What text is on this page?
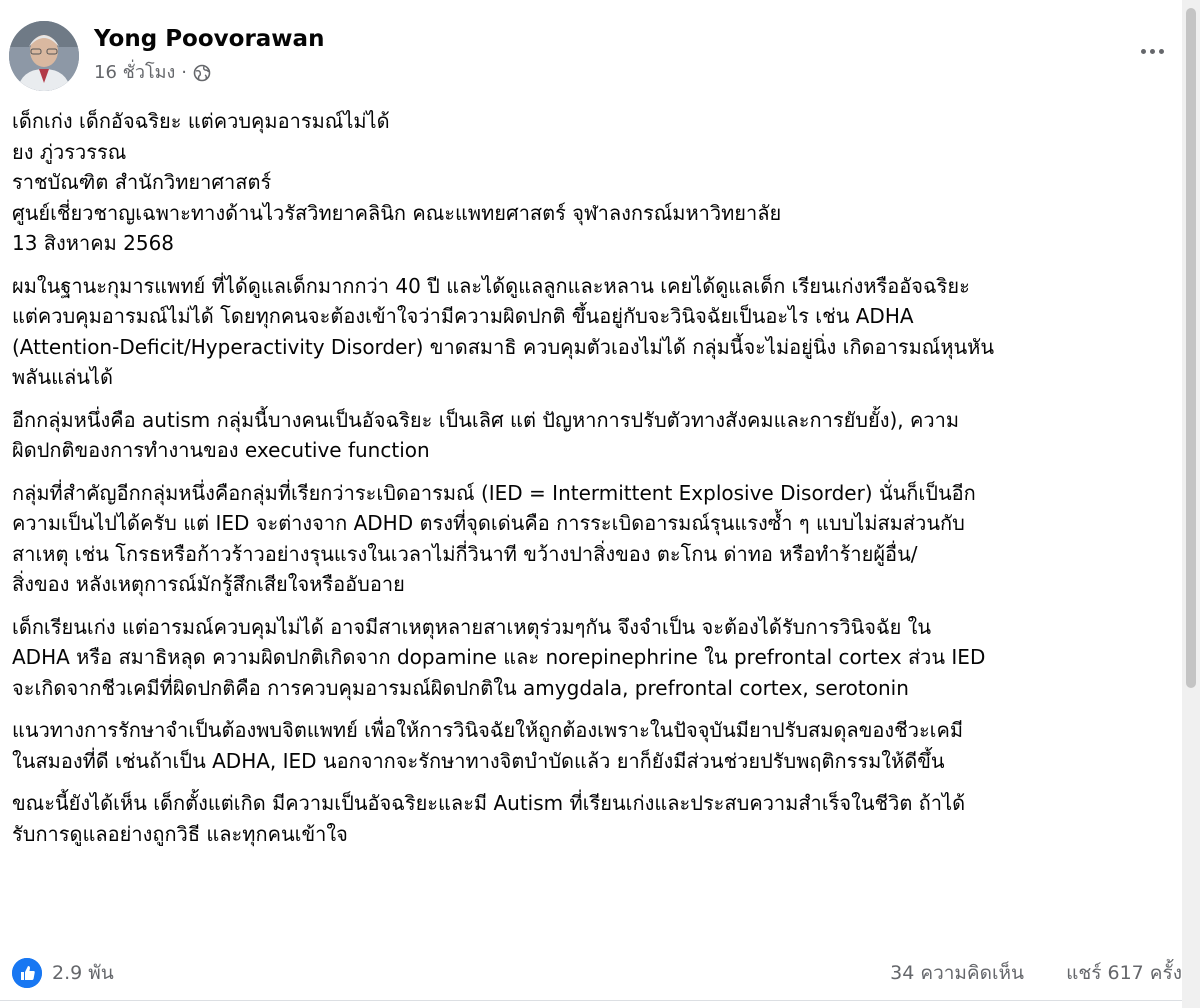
Yong Poovorawan
16 ชั่วโมง ·
เด็กเก่ง เด็กอัจฉริยะ แต่ควบคุมอารมณ์ไม่ได้
ยง ภู่วรวรรณ
ราชบัณฑิต สำนักวิทยาศาสตร์
ศูนย์เชี่ยวชาญเฉพาะทางด้านไวรัสวิทยาคลินิก คณะแพทยศาสตร์ จุฬาลงกรณ์มหาวิทยาลัย
13 สิงหาคม 2568
ผมในฐานะกุมารแพทย์ ที่ได้ดูแลเด็กมากกว่า 40 ปี และได้ดูแลลูกและหลาน เคยได้ดูแลเด็ก เรียนเก่งหรืออัจฉริยะ
แต่ควบคุมอารมณ์ไม่ได้ โดยทุกคนจะต้องเข้าใจว่ามีความผิดปกติ ขึ้นอยู่กับจะวินิจฉัยเป็นอะไร เช่น ADHA
(Attention-Deficit/Hyperactivity Disorder) ขาดสมาธิ ควบคุมตัวเองไม่ได้ กลุ่มนี้จะไม่อยู่นิ่ง เกิดอารมณ์หุนหัน
พลันแล่นได้
อีกกลุ่มหนึ่งคือ autism กลุ่มนี้บางคนเป็นอัจฉริยะ เป็นเลิศ แต่ ปัญหาการปรับตัวทางสังคมและการยับยั้ง), ความ
ผิดปกติของการทำงานของ executive function
กลุ่มที่สำคัญอีกกลุ่มหนึ่งคือกลุ่มที่เรียกว่าระเบิดอารมณ์ (IED = Intermittent Explosive Disorder) นั่นก็เป็นอีก
ความเป็นไปได้ครับ แต่ IED จะต่างจาก ADHD ตรงที่จุดเด่นคือ การระเบิดอารมณ์รุนแรงซ้ำ ๆ แบบไม่สมส่วนกับ
สาเหตุ เช่น โกรธหรือก้าวร้าวอย่างรุนแรงในเวลาไม่กี่วินาที ขว้างปาสิ่งของ ตะโกน ด่าทอ หรือทำร้ายผู้อื่น/
สิ่งของ หลังเหตุการณ์มักรู้สึกเสียใจหรืออับอาย
เด็กเรียนเก่ง แต่อารมณ์ควบคุมไม่ได้ อาจมีสาเหตุหลายสาเหตุร่วมๆกัน จึงจำเป็น จะต้องได้รับการวินิจฉัย ใน
ADHA หรือ สมาธิหลุด ความผิดปกติเกิดจาก dopamine และ norepinephrine ใน prefrontal cortex ส่วน IED
จะเกิดจากชีวเคมีที่ผิดปกติคือ การควบคุมอารมณ์ผิดปกติใน amygdala, prefrontal cortex, serotonin
แนวทางการรักษาจำเป็นต้องพบจิตแพทย์ เพื่อให้การวินิจฉัยให้ถูกต้องเพราะในปัจจุบันมียาปรับสมดุลของชีวะเคมี
ในสมองที่ดี เช่นถ้าเป็น ADHA, IED นอกจากจะรักษาทางจิตบำบัดแล้ว ยาก็ยังมีส่วนช่วยปรับพฤติกรรมให้ดีขึ้น
ขณะนี้ยังได้เห็น เด็กตั้งแต่เกิด มีความเป็นอัจฉริยะและมี Autism ที่เรียนเก่งและประสบความสำเร็จในชีวิต ถ้าได้
รับการดูแลอย่างถูกวิธี และทุกคนเข้าใจ
2.9 พัน	34 ความคิดเห็น แชร์ 617 ครั้ง
